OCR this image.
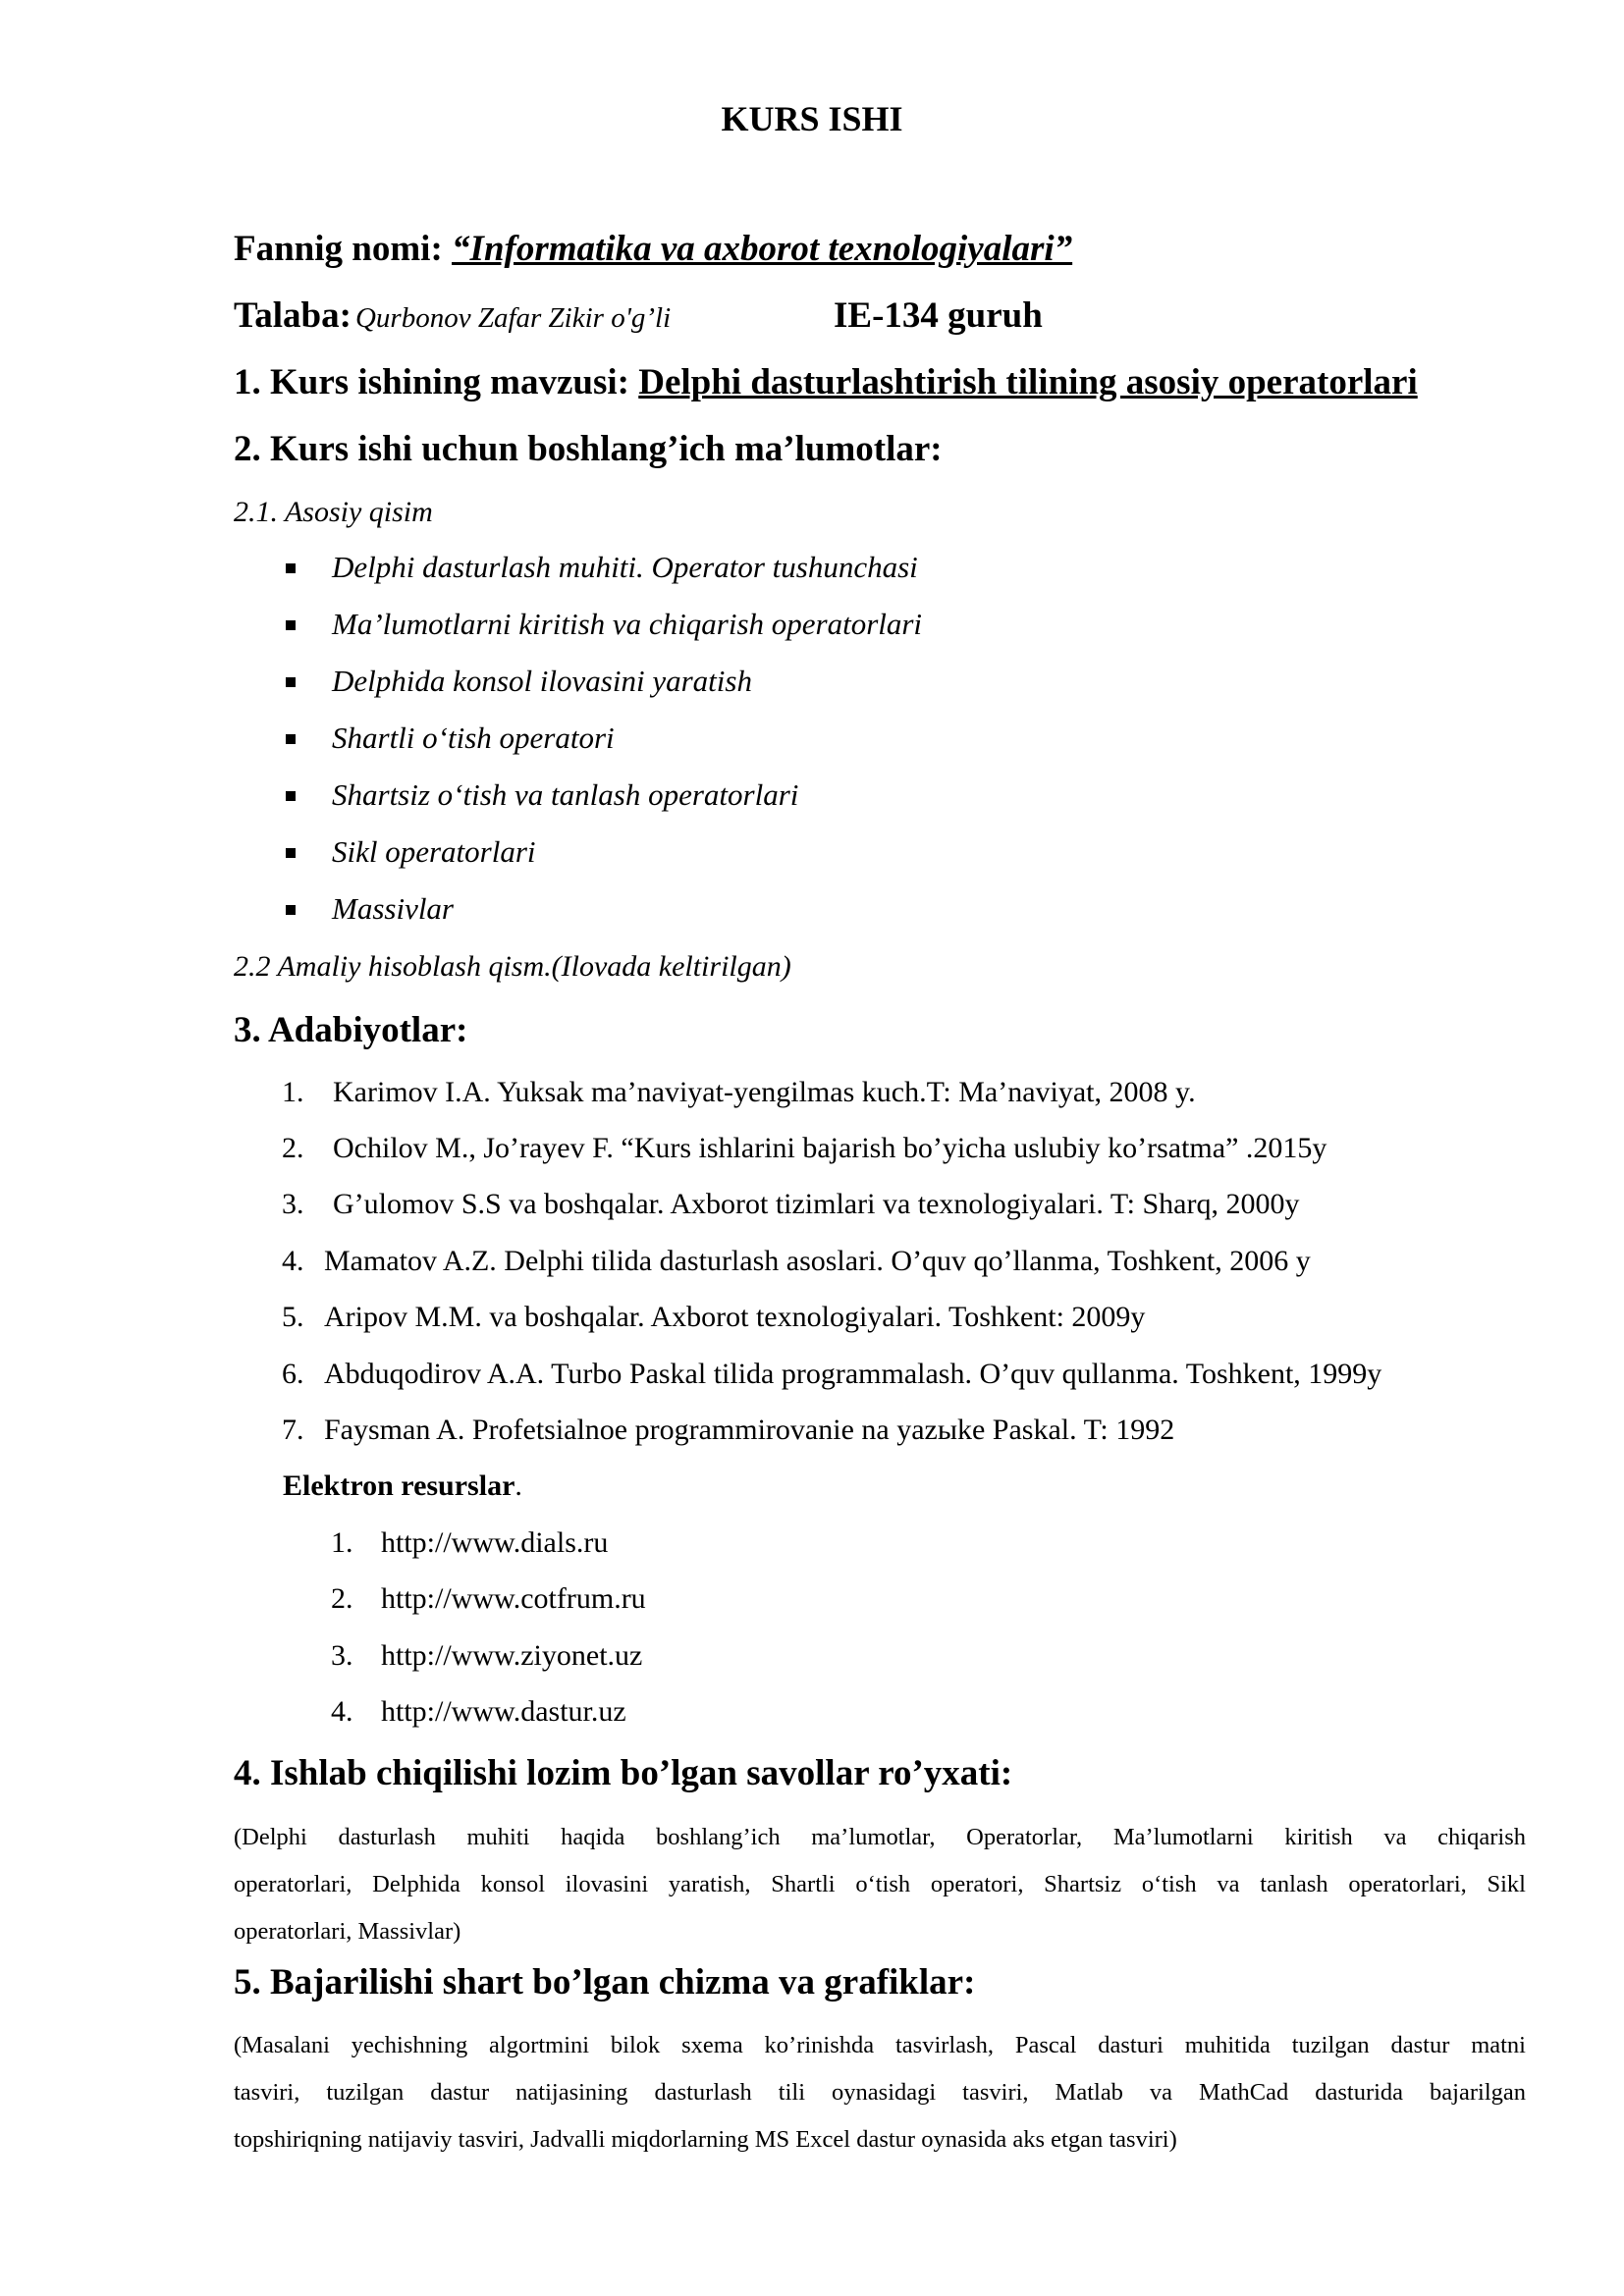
KURS ISHI
Fannig nomi: “Informatika va axborot texnologiyalari”
Talaba: Qurbonov Zafar Zikir o'g’li	IE-134 guruh
1. Kurs ishining mavzusi: Delphi dasturlashtirish tilining asosiy operatorlari
2. Kurs ishi uchun boshlang’ich ma’lumotlar:
2.1. Asosiy qisim
Delphi dasturlash muhiti. Operator tushunchasi
Ma’lumotlarni kiritish va chiqarish operatorlari
Delphida konsol ilovasini yaratish
Shartli o‘tish operatori
Shartsiz o‘tish va tanlash operatorlari
Sikl operatorlari
Massivlar
2.2 Amaliy hisoblash qism.(Ilovada keltirilgan)
3. Adabiyotlar:
1. Karimov I.A. Yuksak ma’naviyat-yengilmas kuch.T: Ma’naviyat, 2008 y.
2. Ochilov M., Jo’rayev F. “Kurs ishlarini bajarish bo’yicha uslubiy ko’rsatma” .2015y
3. G’ulomov S.S va boshqalar. Axborot tizimlari va texnologiyalari. T: Sharq, 2000y
4. Mamatov A.Z. Delphi tilida dasturlash asoslari. O’quv qo’llanma, Toshkent, 2006 y
5. Aripov M.M. va boshqalar. Axborot texnologiyalari. Toshkent: 2009y
6. Abduqodirov A.A. Turbo Paskal tilida programmalash. O’quv qullanma. Toshkent, 1999y
7. Faysman A. Profetsialnoe programmirovanie na yazыke Paskal. T: 1992
Elektron resurslar.
1. http://www.dials.ru
2. http://www.cotfrum.ru
3. http://www.ziyonet.uz
4. http://www.dastur.uz
4. Ishlab chiqilishi lozim bo’lgan savollar ro’yxati:
(Delphi dasturlash muhiti haqida boshlang’ich ma’lumotlar, Operatorlar, Ma’lumotlarni kiritish va chiqarish
operatorlari, Delphida konsol ilovasini yaratish, Shartli o‘tish operatori, Shartsiz o‘tish va tanlash operatorlari, Sikl
operatorlari, Massivlar)
5. Bajarilishi shart bo’lgan chizma va grafiklar:
(Masalani yechishning algortmini bilok sxema ko’rinishda tasvirlash, Pascal dasturi muhitida tuzilgan dastur matni
tasviri, tuzilgan dastur natijasining dasturlash tili oynasidagi tasviri, Matlab va MathCad dasturida bajarilgan
topshiriqning natijaviy tasviri, Jadvalli miqdorlarning MS Excel dastur oynasida aks etgan tasviri)
